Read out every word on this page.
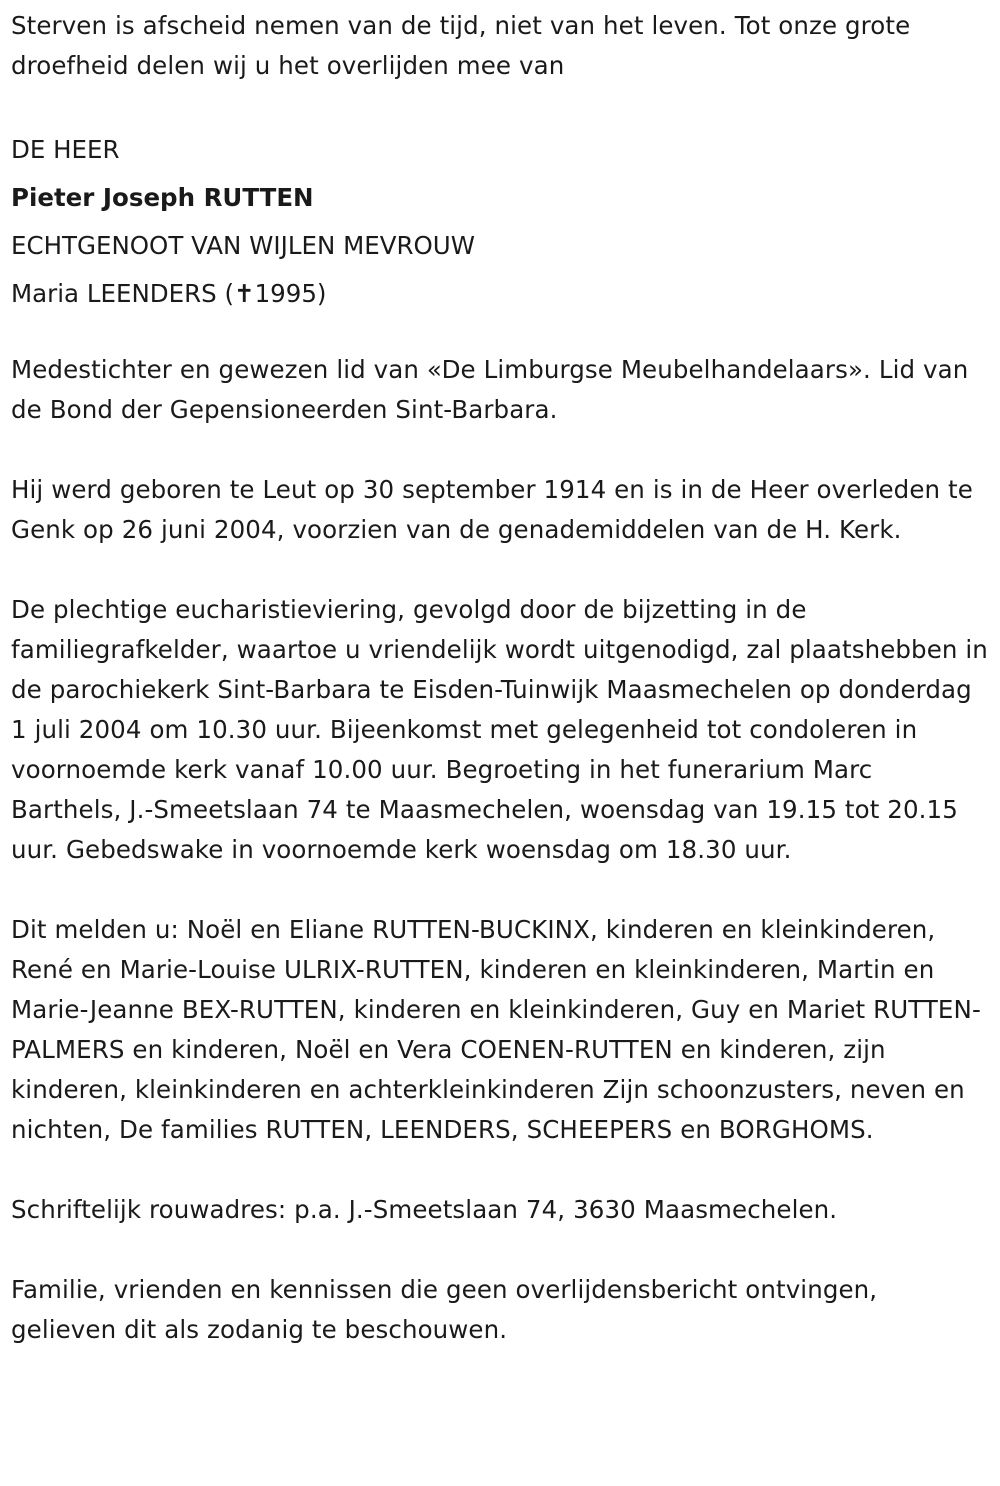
Sterven is afscheid nemen van de tijd, niet van het leven. Tot onze grote droefheid delen wij u het overlijden mee van

DE HEER

Pieter Joseph RUTTEN

ECHTGENOOT VAN WIJLEN MEVROUW

Maria LEENDERS (✝1995)

Medestichter en gewezen lid van «De Limburgse Meubelhandelaars». Lid van de Bond der Gepensioneerden Sint-Barbara.

Hij werd geboren te Leut op 30 september 1914 en is in de Heer overleden te Genk op 26 juni 2004, voorzien van de genademiddelen van de H. Kerk.

De plechtige eucharistieviering, gevolgd door de bijzetting in de familiegrafkelder, waartoe u vriendelijk wordt uitgenodigd, zal plaatshebben in de parochiekerk Sint-Barbara te Eisden-Tuinwijk Maasmechelen op donderdag 1 juli 2004 om 10.30 uur. Bijeenkomst met gelegenheid tot condoleren in voornoemde kerk vanaf 10.00 uur. Begroeting in het funerarium Marc Barthels, J.-Smeetslaan 74 te Maasmechelen, woensdag van 19.15 tot 20.15 uur. Gebedswake in voornoemde kerk woensdag om 18.30 uur.

Dit melden u: Noël en Eliane RUTTEN-BUCKINX, kinderen en kleinkinderen, René en Marie-Louise ULRIX-RUTTEN, kinderen en kleinkinderen, Martin en Marie-Jeanne BEX-RUTTEN, kinderen en kleinkinderen, Guy en Mariet RUTTEN-PALMERS en kinderen, Noël en Vera COENEN-RUTTEN en kinderen, zijn kinderen, kleinkinderen en achterkleinkinderen Zijn schoonzusters, neven en nichten, De families RUTTEN, LEENDERS, SCHEEPERS en BORGHOMS.

Schriftelijk rouwadres: p.a. J.-Smeetslaan 74, 3630 Maasmechelen.

Familie, vrienden en kennissen die geen overlijdensbericht ontvingen, gelieven dit als zodanig te beschouwen.
